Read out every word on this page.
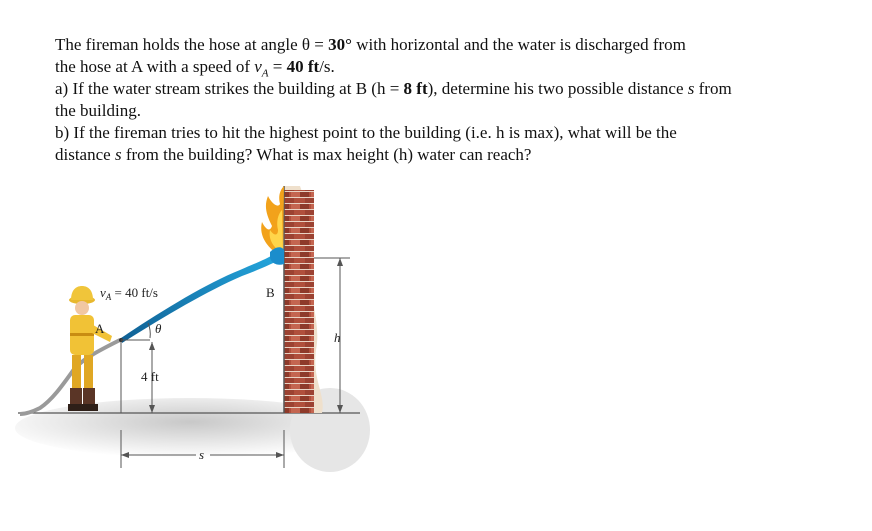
The fireman holds the hose at angle θ = 30° with horizontal and the water is discharged from

the hose at A with a speed of $v_A = 40$ ft/s.

a) If the water stream strikes the building at B (h = 8 ft), determine his two possible distance s from

the building.

b) If the fireman tries to hit the highest point to the building (i.e. h is max), what will be the

distance s from the building? What is max height (h) water can reach?

$v_A = 40$ ft/s
A
B
θ
4 ft
h
s
